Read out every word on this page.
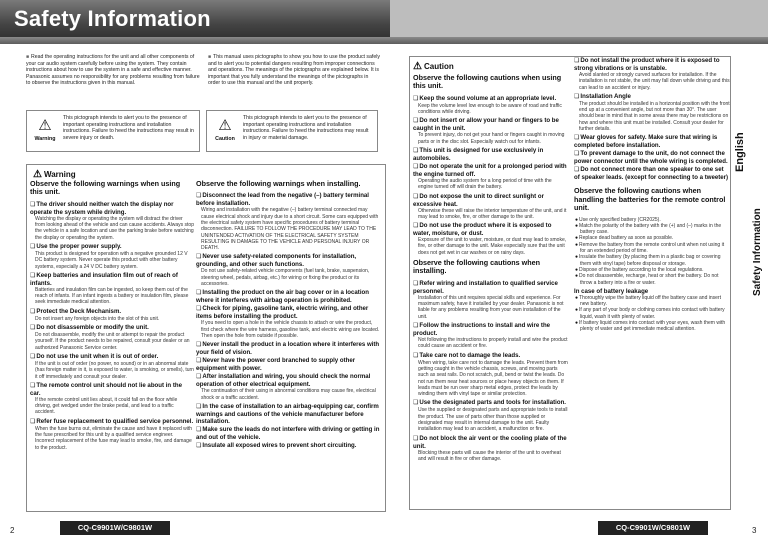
Safety Information
■ Read the operating instructions for the unit and all other components of your car audio system carefully before using the system. They contain instructions about how to use the system in a safe and effective manner. Panasonic assumes no responsibility for any problems resulting from failure to observe the instructions given in this manual.
■ This manual uses pictographs to show you how to use the product safely and to alert you to potential dangers resulting from improper connections and operations. The meanings of the pictographs are explained below. It is important that you fully understand the meanings of the pictographs in order to use this manual and the unit properly.
⚠
Warning
This pictograph intends to alert you to the presence of important operating instructions and installation instructions. Failure to heed the instructions may result in severe injury or death.
⚠
Caution
This pictograph intends to alert you to the presence of important operating instructions and installation instructions. Failure to heed the instructions may result in injury or material damage.
⚠ Warning
Observe the following warnings when using this unit.
❏ The driver should neither watch the display nor operate the system while driving.

Watching the display or operating the system will distract the driver from looking ahead of the vehicle and can cause accidents. Always stop the vehicle in a safe location and use the parking brake before watching the display or operating the system.

❏ Use the proper power supply.

This product is designed for operation with a negative grounded 12 V DC battery system. Never operate this product with other battery systems, especially a 24 V DC battery system.

❏ Keep batteries and insulation film out of reach of infants.

Batteries and insulation film can be ingested, so keep them out of the reach of infants. If an infant ingests a battery or insulation film, please seek immediate medical attention.

❏ Protect the Deck Mechanism.

Do not insert any foreign objects into the slot of this unit.

❏ Do not disassemble or modify the unit.

Do not disassemble, modify the unit or attempt to repair the product yourself. If the product needs to be repaired, consult your dealer or an authorized Panasonic Service center.

❏ Do not use the unit when it is out of order.

If the unit is out of order (no power, no sound) or in an abnormal state (has foreign matter in it, is exposed to water, is smoking, or smells), turn it off immediately and consult your dealer.

❏ The remote control unit should not lie about in the car.

If the remote control unit lies about, it could fall on the floor while driving, get wedged under the brake pedal, and lead to a traffic accident.

❏ Refer fuse replacement to qualified service personnel.

When the fuse burns out, eliminate the cause and have it replaced with the fuse prescribed for this unit by a qualified service engineer. Incorrect replacement of the fuse may lead to smoke, fire, and damage to the product.

Observe the following warnings when installing.
❏ Disconnect the lead from the negative (–) battery terminal before installation.

Wiring and installation with the negative (–) battery terminal connected may cause electrical shock and injury due to a short circuit. Some cars equipped with the electrical safety system have specific procedures of battery terminal disconnection. FAILURE TO FOLLOW THE PROCEDURE MAY LEAD TO THE UNINTENDED ACTIVATION OF THE ELECTRICAL SAFETY SYSTEM RESULTING IN DAMAGE TO THE VEHICLE AND PERSONAL INJURY OR DEATH.

❏ Never use safety-related components for installation, grounding, and other such functions.

Do not use safety-related vehicle components (fuel tank, brake, suspension, steering wheel, pedals, airbag, etc.) for wiring or fixing the product or its accessories.

❏ Installing the product on the air bag cover or in a location where it interferes with airbag operation is prohibited.
❏ Check for piping, gasoline tank, electric wiring, and other items before installing the product.

If you need to open a hole in the vehicle chassis to attach or wire the product, first check where the wire harness, gasoline tank, and electric wiring are located. Then open the hole from outside if possible.

❏ Never install the product in a location where it interferes with your field of vision.
❏ Never have the power cord branched to supply other equipment with power.
❏ After installation and wiring, you should check the normal operation of other electrical equipment.

The continuation of their using in abnormal conditions may cause fire, electrical shock or a traffic accident.

❏ In the case of installation to an airbag-equipping car, confirm warnings and cautions of the vehicle manufacturer before installation.
❏ Make sure the leads do not interfere with driving or getting in and out of the vehicle.
❏ Insulate all exposed wires to prevent short circuiting.
⚠ Caution
Observe the following cautions when using this unit.
❏ Keep the sound volume at an appropriate level.

Keep the volume level low enough to be aware of road and traffic conditions while driving.

❏ Do not insert or allow your hand or fingers to be caught in the unit.

To prevent injury, do not get your hand or fingers caught in moving parts or in the disc slot. Especially watch out for infants.

❏ This unit is designed for use exclusively in automobiles.
❏ Do not operate the unit for a prolonged period with the engine turned off.

Operating the audio system for a long period of time with the engine turned off will drain the battery.

❏ Do not expose the unit to direct sunlight or excessive heat.

Otherwise these will raise the interior temperature of the unit, and it may lead to smoke, fire, or other damage to the unit.

❏ Do not use the product where it is exposed to water, moisture, or dust.

Exposure of the unit to water, moisture, or dust may lead to smoke, fire, or other damage to the unit. Make especially sure that the unit does not get wet in car washes or on rainy days.

Observe the following cautions when installing.
❏ Refer wiring and installation to qualified service personnel.

Installation of this unit requires special skills and experience. For maximum safety, have it installed by your dealer. Panasonic is not liable for any problems resulting from your own installation of the unit.

❏ Follow the instructions to install and wire the product.

Not following the instructions to properly install and wire the product could cause an accident or fire.

❏ Take care not to damage the leads.

When wiring, take care not to damage the leads. Prevent them from getting caught in the vehicle chassis, screws, and moving parts such as seat rails. Do not scratch, pull, bend or twist the leads. Do not run them near heat sources or place heavy objects on them. If leads must be run over sharp metal edges, protect the leads by winding them with vinyl tape or similar protection.

❏ Use the designated parts and tools for installation.

Use the supplied or designated parts and appropriate tools to install the product. The use of parts other than those supplied or designated may result in internal damage to the unit. Faulty installation may lead to an accident, a malfunction or fire.

❏ Do not block the air vent or the cooling plate of the unit.

Blocking these parts will cause the interior of the unit to overheat and will result in fire or other damage.

❏ Do not install the product where it is exposed to strong vibrations or is unstable.

Avoid slanted or strongly curved surfaces for installation. If the installation is not stable, the unit may fall down while driving and this can lead to an accident or injury.

❏ Installation Angle

The product should be installed in a horizontal position with the front end up at a convenient angle, but not more than 30°. The user should bear in mind that in some areas there may be restrictions on how and where this unit must be installed. Consult your dealer for further details.

❏ Wear gloves for safety. Make sure that wiring is completed before installation.
❏ To prevent damage to the unit, do not connect the power connector until the whole wiring is completed.
❏ Do not connect more than one speaker to one set of speaker leads. (except for connecting to a tweeter)
Observe the following cautions when handling the batteries for the remote control unit.
● Use only specified battery (CR2025).
● Match the polarity of the battery with the (+) and (–) marks in the battery case.
● Replace dead battery as soon as possible.
● Remove the battery from the remote control unit when not using it for an extended period of time.
● Insulate the battery (by placing them in a plastic bag or covering them with vinyl tape) before disposal or storage.
● Dispose of the battery according to the local regulations.
● Do not disassemble, recharge, heat or short the battery. Do not throw a battery into a fire or water.
In case of battery leakage
● Thoroughly wipe the battery liquid off the battery case and insert new battery.
● If any part of your body or clothing comes into contact with battery liquid, wash it with plenty of water.
● If battery liquid comes into contact with your eyes, wash them with plenty of water and get immediate medical attention.
English
Safety Information
2	CQ-C9901W/C9801W	CQ-C9901W/C9801W	3
